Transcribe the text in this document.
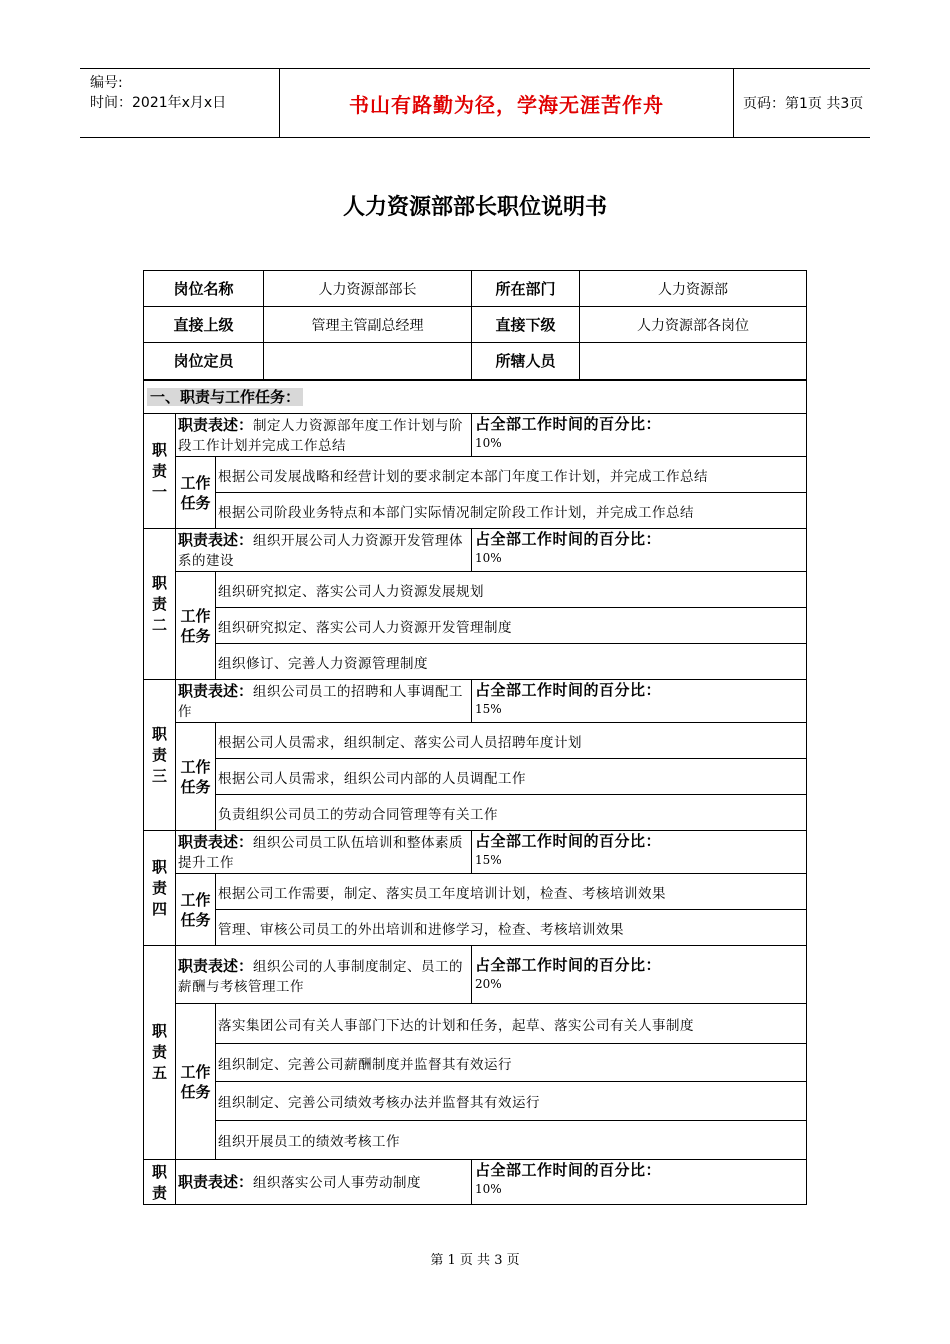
编号:
时间：2021年x月x日	书山有路勤为径，学海无涯苦作舟	页码：第1页 共3页
人力资源部部长职位说明书
岗位名称			人力资源部部长	所在部门	人力资源部
直接上级			管理主管副总经理	直接下级	人力资源部各岗位
岗位定员				所辖人员	
一、职责与工作任务：					
职
责
一	职责表述：制定人力资源部年度工作计划与阶段工作计划并完成工作总结			占全部工作时间的百分比：
10%	

	工作
任务	根据公司发展战略和经营计划的要求制定本部门年度工作计划，并完成工作总结			
		根据公司阶段业务特点和本部门实际情况制定阶段工作计划，并完成工作总结			
职
责
二	职责表述：组织开展公司人力资源开发管理体系的建设			占全部工作时间的百分比：
10%	

	工作
任务	组织研究拟定、落实公司人力资源发展规划			
		组织研究拟定、落实公司人力资源开发管理制度			
		组织修订、完善人力资源管理制度			
职
责
三	职责表述：组织公司员工的招聘和人事调配工作			占全部工作时间的百分比：
15%	

	工作
任务	根据公司人员需求，组织制定、落实公司人员招聘年度计划			
		根据公司人员需求，组织公司内部的人员调配工作			
		负责组织公司员工的劳动合同管理等有关工作			
职
责
四	职责表述：组织公司员工队伍培训和整体素质提升工作			占全部工作时间的百分比：
15%	

	工作
任务	根据公司工作需要，制定、落实员工年度培训计划，检查、考核培训效果			
		管理、审核公司员工的外出培训和进修学习，检查、考核培训效果			
职
责
五	职责表述：组织公司的人事制度制定、员工的薪酬与考核管理工作			占全部工作时间的百分比：
20%	

	工作
任务	落实集团公司有关人事部门下达的计划和任务，起草、落实公司有关人事制度			
		组织制定、完善公司薪酬制度并监督其有效运行			
		组织制定、完善公司绩效考核办法并监督其有效运行			
		组织开展员工的绩效考核工作			
职
责	职责表述：组织落实公司人事劳动制度			占全部工作时间的百分比：
10%	
第 1 页 共 3 页
